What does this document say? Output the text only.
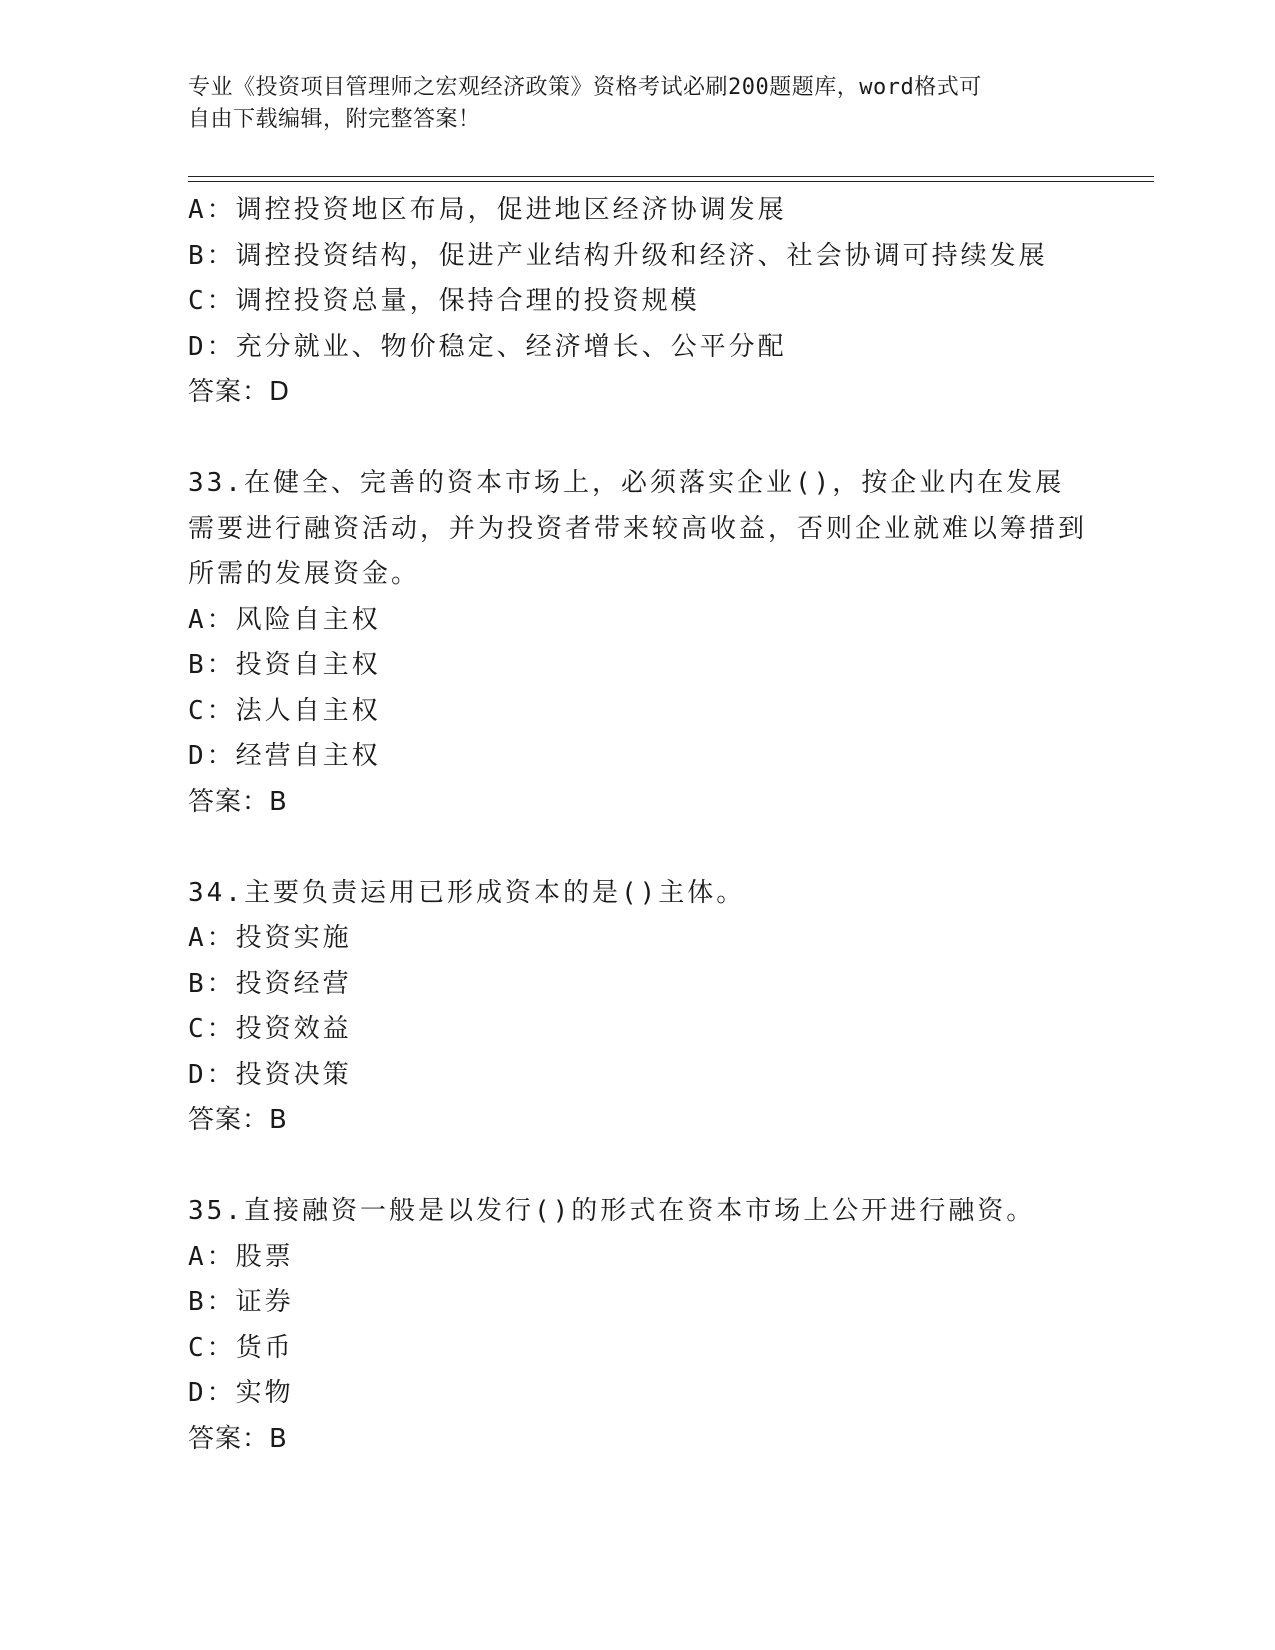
专业《投资项目管理师之宏观经济政策》资格考试必刷200题题库，word格式可
自由下载编辑，附完整答案！
A：调控投资地区布局，促进地区经济协调发展
B：调控投资结构，促进产业结构升级和经济、社会协调可持续发展
C：调控投资总量，保持合理的投资规模
D：充分就业、物价稳定、经济增长、公平分配
答案：D
33.在健全、完善的资本市场上，必须落实企业()，按企业内在发展需要进行融资活动，并为投资者带来较高收益，否则企业就难以筹措到所需的发展资金。
A：风险自主权
B：投资自主权
C：法人自主权
D：经营自主权
答案：B
34.主要负责运用已形成资本的是()主体。
A：投资实施
B：投资经营
C：投资效益
D：投资决策
答案：B
35.直接融资一般是以发行()的形式在资本市场上公开进行融资。
A：股票
B：证券
C：货币
D：实物
答案：B
